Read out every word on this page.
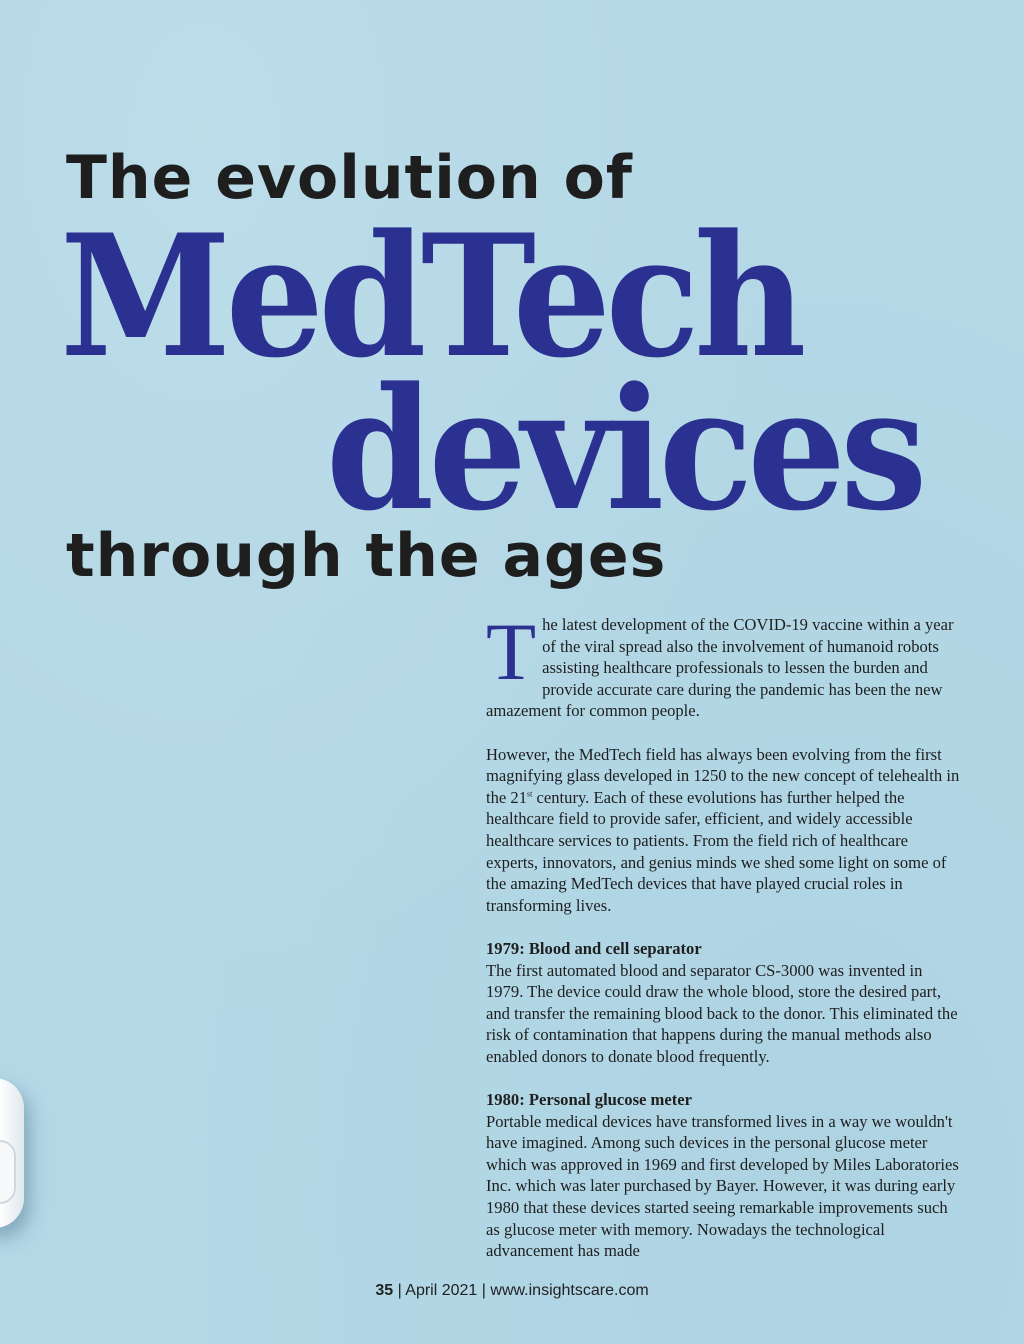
The evolution of
MedTech
devices
through the ages

The latest development of the COVID-19 vaccine within a year of the viral spread also the involvement of humanoid robots assisting healthcare professionals to lessen the burden and provide accurate care during the pandemic has been the new amazement for common people.

However, the MedTech field has always been evolving from the first magnifying glass developed in 1250 to the new concept of telehealth in the 21st century. Each of these evolutions has further helped the healthcare field to provide safer, efficient, and widely accessible healthcare services to patients. From the field rich of healthcare experts, innovators, and genius minds we shed some light on some of the amazing MedTech devices that have played crucial roles in transforming lives.

1979: Blood and cell separator
The first automated blood and separator CS-3000 was invented in 1979. The device could draw the whole blood, store the desired part, and transfer the remaining blood back to the donor. This eliminated the risk of contamination that happens during the manual methods also enabled donors to donate blood frequently.

1980: Personal glucose meter
Portable medical devices have transformed lives in a way we wouldn't have imagined. Among such devices in the personal glucose meter which was approved in 1969 and first developed by Miles Laboratories Inc. which was later purchased by Bayer. However, it was during early 1980 that these devices started seeing remarkable improvements such as glucose meter with memory. Nowadays the technological advancement has made

35 | April 2021 | www.insightscare.com
